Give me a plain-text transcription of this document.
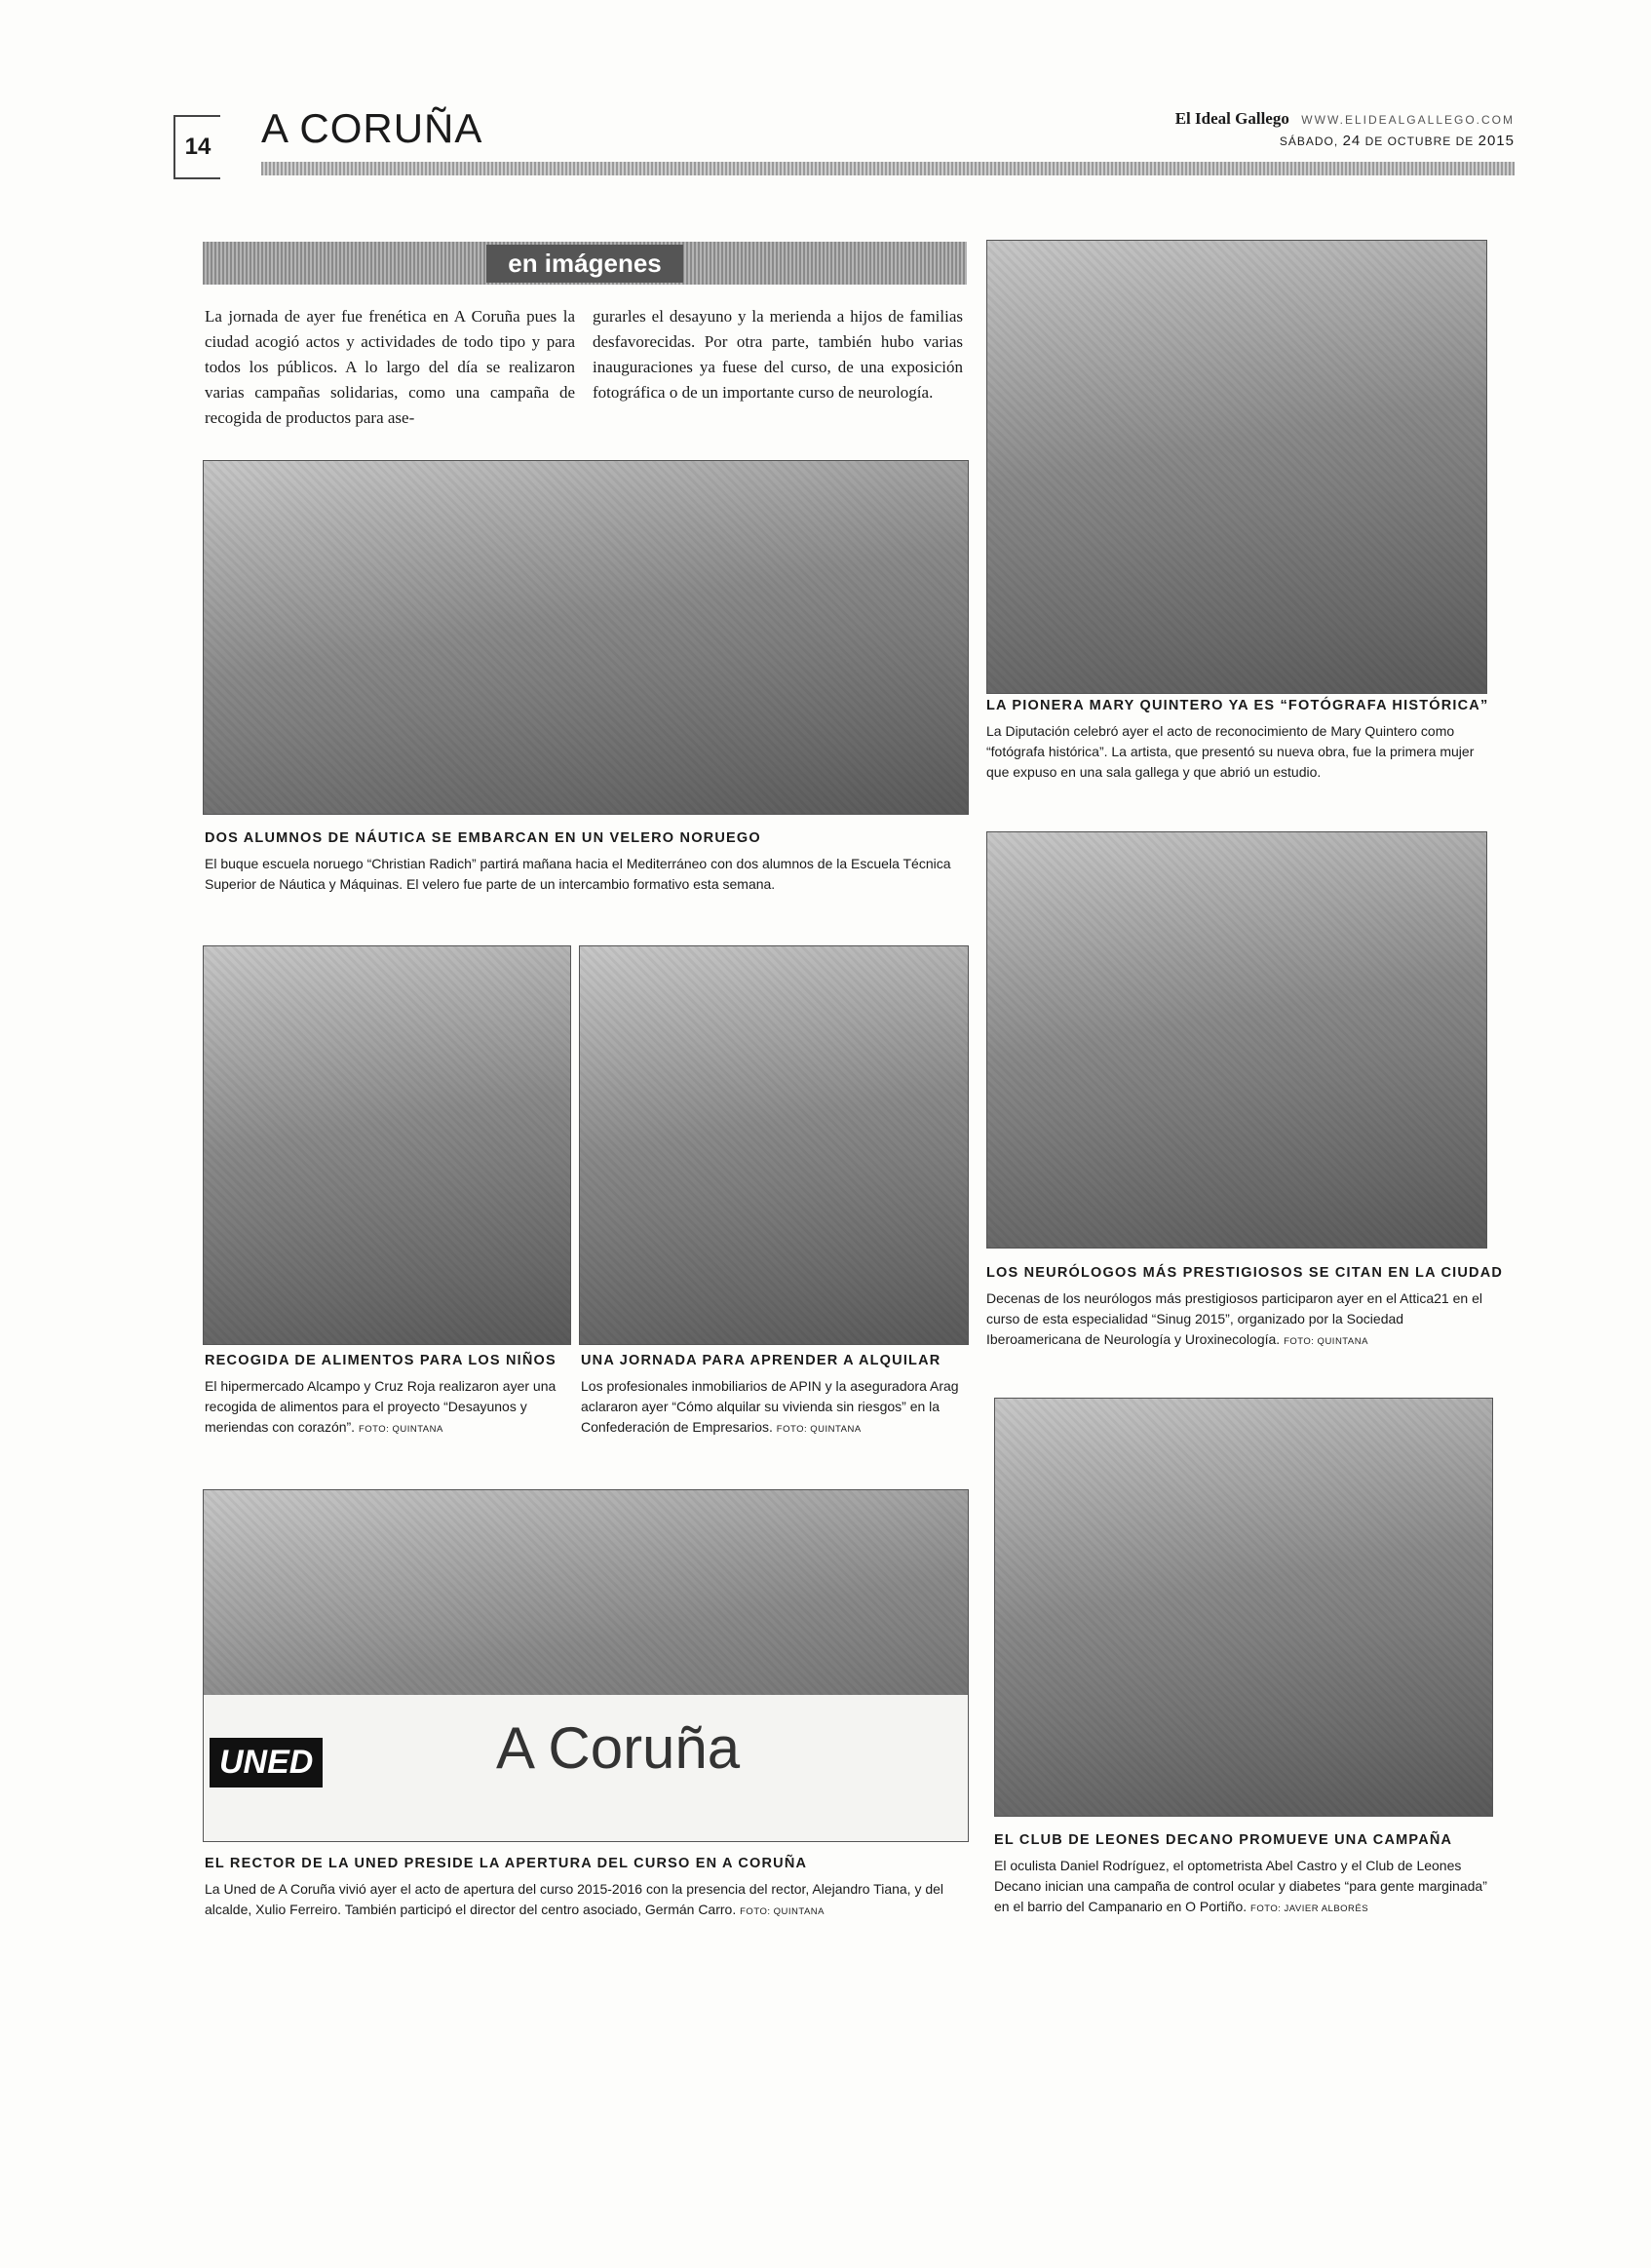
14 A CORUÑA	El Ideal Gallego WWW.ELIDEALGALLEGO.COM
SÁBADO, 24 DE OCTUBRE DE 2015
en imágenes
La jornada de ayer fue frenética en A Coruña pues la ciudad acogió actos y actividades de todo tipo y para todos los públicos. A lo largo del día se realizaron varias campañas solidarias, como una campaña de recogida de productos para ase-
gurarles el desayuno y la merienda a hijos de familias desfavorecidas. Por otra parte, también hubo varias inauguraciones ya fuese del curso, de una exposición fotográfica o de un importante curso de neurología.
UNED	A Coruña
DOS ALUMNOS DE NÁUTICA SE EMBARCAN EN UN VELERO NORUEGO
El buque escuela noruego “Christian Radich” partirá mañana hacia el Mediterráneo con dos alumnos de la Escuela Técnica Superior de Náutica y Máquinas. El velero fue parte de un intercambio formativo esta semana.
LA PIONERA MARY QUINTERO YA ES “FOTÓGRAFA HISTÓRICA”
La Diputación celebró ayer el acto de reconocimiento de Mary Quintero como “fotógrafa histórica”. La artista, que presentó su nueva obra, fue la primera mujer que expuso en una sala gallega y que abrió un estudio.
LOS NEURÓLOGOS MÁS PRESTIGIOSOS SE CITAN EN LA CIUDAD
Decenas de los neurólogos más prestigiosos participaron ayer en el Attica21 en el curso de esta especialidad “Sinug 2015”, organizado por la Sociedad Iberoamericana de Neurología y Uroxinecología. FOTO: QUINTANA
RECOGIDA DE ALIMENTOS PARA LOS NIÑOS
El hipermercado Alcampo y Cruz Roja realizaron ayer una recogida de alimentos para el proyecto “Desayunos y meriendas con corazón”. FOTO: QUINTANA
UNA JORNADA PARA APRENDER A ALQUILAR
Los profesionales inmobiliarios de APIN y la aseguradora Arag aclararon ayer “Cómo alquilar su vivienda sin riesgos” en la Confederación de Empresarios. FOTO: QUINTANA
EL RECTOR DE LA UNED PRESIDE LA APERTURA DEL CURSO EN A CORUÑA
La Uned de A Coruña vivió ayer el acto de apertura del curso 2015-2016 con la presencia del rector, Alejandro Tiana, y del alcalde, Xulio Ferreiro. También participó el director del centro asociado, Germán Carro. FOTO: QUINTANA
EL CLUB DE LEONES DECANO PROMUEVE UNA CAMPAÑA
El oculista Daniel Rodríguez, el optometrista Abel Castro y el Club de Leones Decano inician una campaña de control ocular y diabetes “para gente marginada” en el barrio del Campanario en O Portiño. FOTO: JAVIER ALBORÉS
